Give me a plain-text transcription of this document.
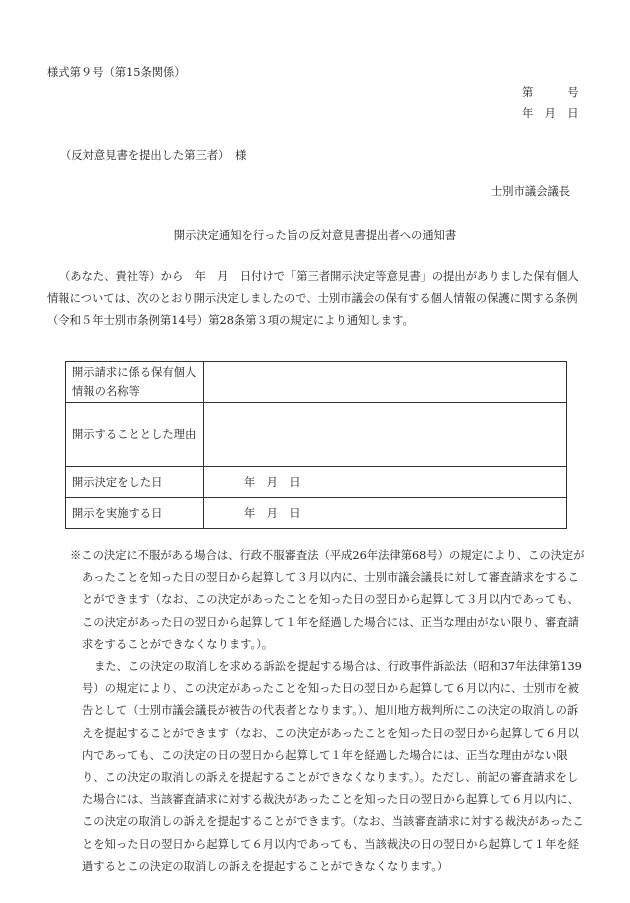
様式第９号（第15条関係）
第　　　号
年　月　日
（反対意見書を提出した第三者）　様
士別市議会議長
開示決定通知を行った旨の反対意見書提出者への通知書
（あなた、貴社等）から　年　月　日付けで「第三者開示決定等意見書」の提出がありました保有個人情報については、次のとおり開示決定しましたので、士別市議会の保有する個人情報の保護に関する条例（令和５年士別市条例第14号）第28条第３項の規定により通知します。
開示請求に係る保有個人情報の名称等	
開示することとした理由	
開示決定をした日	年　月　日
開示を実施する日	年　月　日

※この決定に不服がある場合は、行政不服審査法（平成26年法律第68号）の規定により、この決定があったことを知った日の翌日から起算して３月以内に、士別市議会議長に対して審査請求をすることができます（なお、この決定があったことを知った日の翌日から起算して３月以内であっても、この決定があった日の翌日から起算して１年を経過した場合には、正当な理由がない限り、審査請求をすることができなくなります。）。

また、この決定の取消しを求める訴訟を提起する場合は、行政事件訴訟法（昭和37年法律第139号）の規定により、この決定があったことを知った日の翌日から起算して６月以内に、士別市を被告として（士別市議会議長が被告の代表者となります。）、旭川地方裁判所にこの決定の取消しの訴えを提起することができます（なお、この決定があったことを知った日の翌日から起算して６月以内であっても、この決定の日の翌日から起算して１年を経過した場合には、正当な理由がない限り、この決定の取消しの訴えを提起することができなくなります。）。ただし、前記の審査請求をした場合には、当該審査請求に対する裁決があったことを知った日の翌日から起算して６月以内に、この決定の取消しの訴えを提起することができます。（なお、当該審査請求に対する裁決があったことを知った日の翌日から起算して６月以内であっても、当該裁決の日の翌日から起算して１年を経過するとこの決定の取消しの訴えを提起することができなくなります。）
